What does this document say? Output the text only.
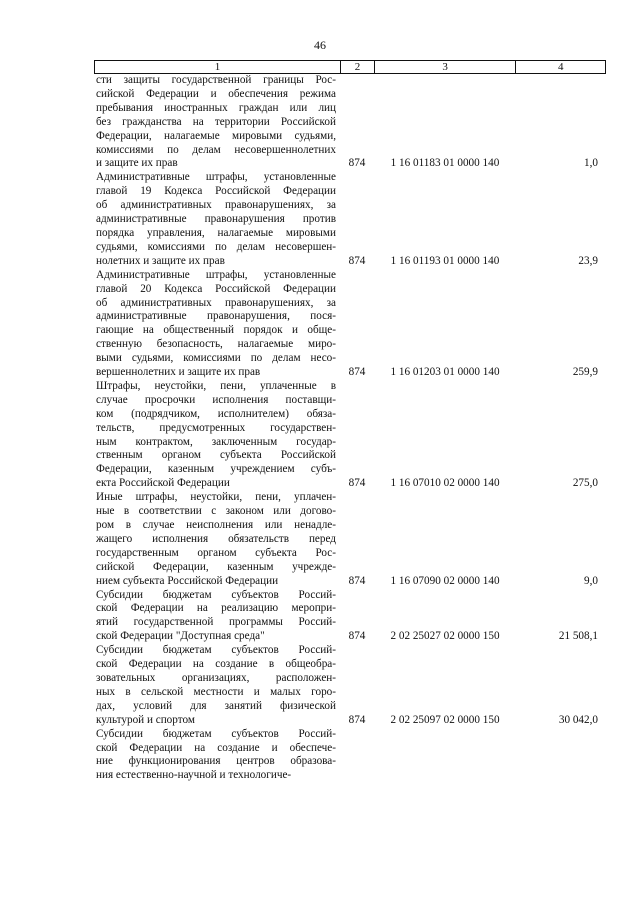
46
1	2	3	4
сти защиты государственной границы Рос-
сийской Федерации и обеспечения режима
пребывания иностранных граждан или лиц
без гражданства на территории Российской
Федерации, налагаемые мировыми судьями,
комиссиями по делам несовершеннолетних
и защите их прав	874	1 16 01183 01 0000 140	1,0
Административные штрафы, установленные
главой 19 Кодекса Российской Федерации
об административных правонарушениях, за
административные правонарушения против
порядка управления, налагаемые мировыми
судьями, комиссиями по делам несовершен-
нолетних и защите их прав	874	1 16 01193 01 0000 140	23,9
Административные штрафы, установленные
главой 20 Кодекса Российской Федерации
об административных правонарушениях, за
административные правонарушения, пося-
гающие на общественный порядок и обще-
ственную безопасность, налагаемые миро-
выми судьями, комиссиями по делам несо-
вершеннолетних и защите их прав	874	1 16 01203 01 0000 140	259,9
Штрафы, неустойки, пени, уплаченные в
случае просрочки исполнения поставщи-
ком (подрядчиком, исполнителем) обяза-
тельств, предусмотренных государствен-
ным контрактом, заключенным государ-
ственным органом субъекта Российской
Федерации, казенным учреждением субъ-
екта Российской Федерации	874	1 16 07010 02 0000 140	275,0
Иные штрафы, неустойки, пени, уплачен-
ные в соответствии с законом или догово-
ром в случае неисполнения или ненадле-
жащего исполнения обязательств перед
государственным органом субъекта Рос-
сийской Федерации, казенным учрежде-
нием субъекта Российской Федерации	874	1 16 07090 02 0000 140	9,0
Субсидии бюджетам субъектов Россий-
ской Федерации на реализацию меропри-
ятий государственной программы Россий-
ской Федерации "Доступная среда"	874	2 02 25027 02 0000 150	21 508,1
Субсидии бюджетам субъектов Россий-
ской Федерации на создание в общеобра-
зовательных организациях, расположен-
ных в сельской местности и малых горо-
дах, условий для занятий физической
культурой и спортом	874	2 02 25097 02 0000 150	30 042,0
Субсидии бюджетам субъектов Россий-
ской Федерации на создание и обеспече-
ние функционирования центров образова-
ния естественно-научной и технологиче-
